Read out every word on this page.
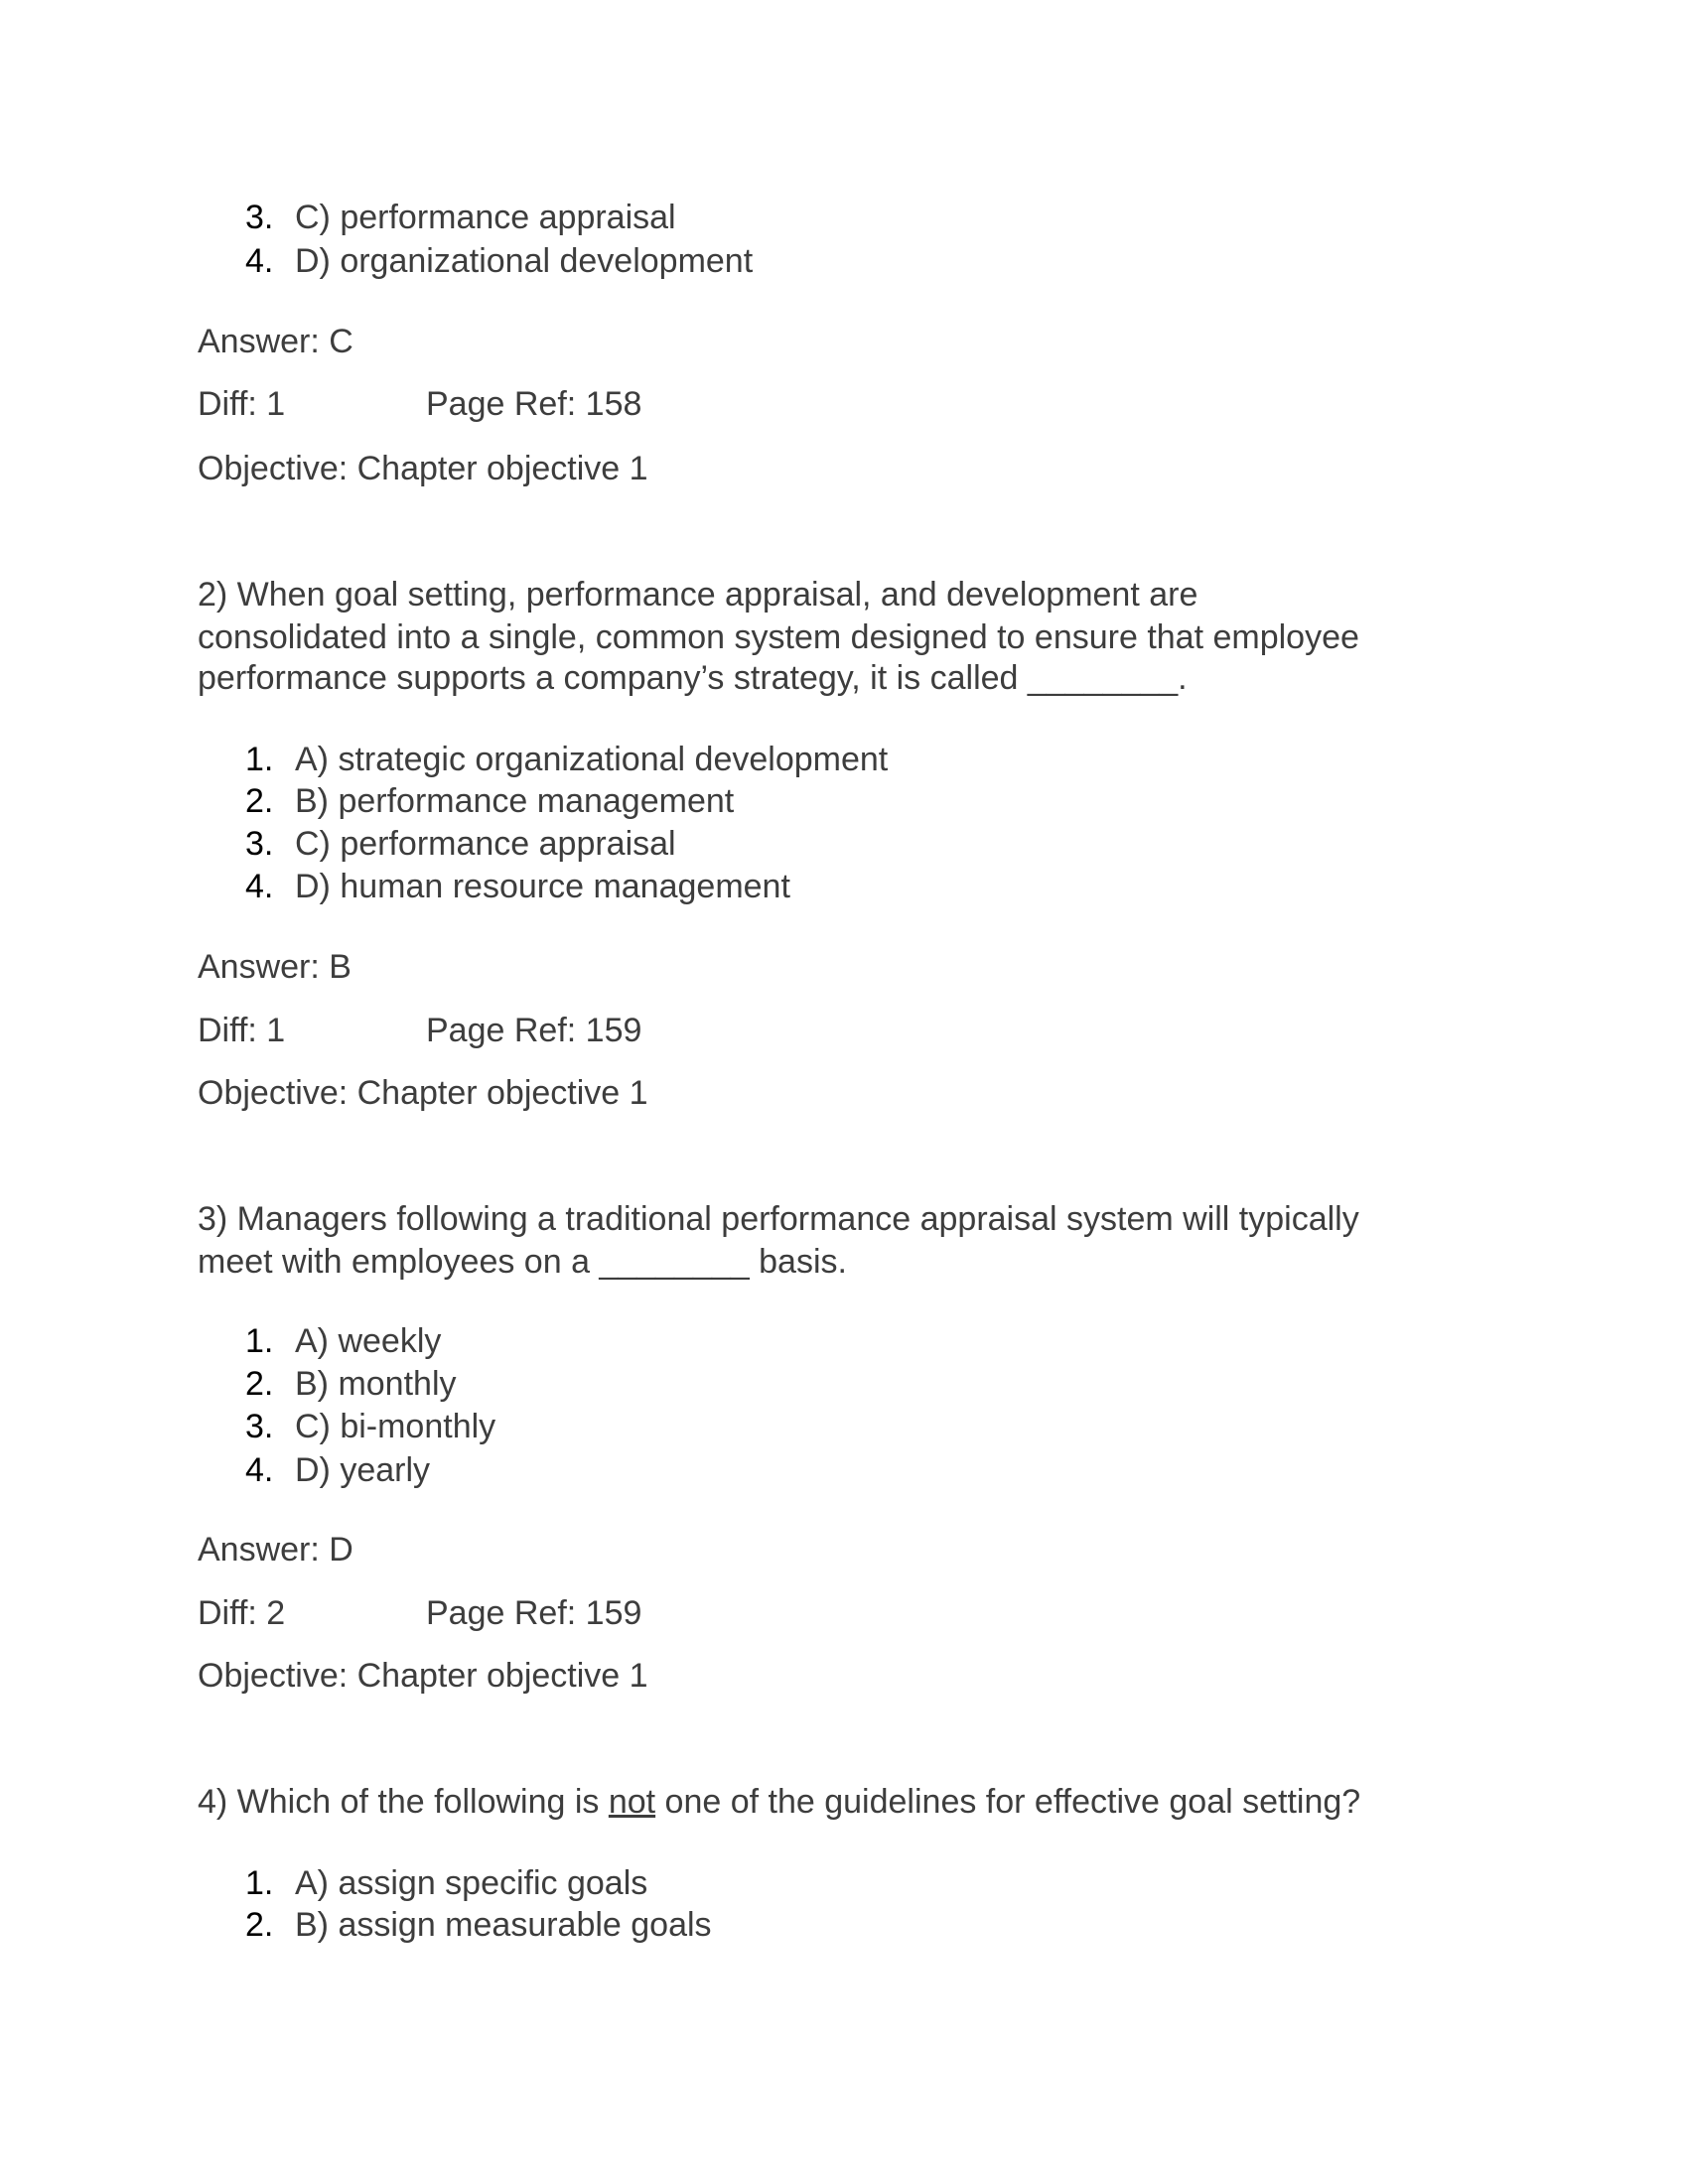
3. C) performance appraisal
4. D) organizational development
Answer: C
Diff: 1	Page Ref: 158
Objective: Chapter objective 1
2) When goal setting, performance appraisal, and development are
consolidated into a single, common system designed to ensure that employee
performance supports a company’s strategy, it is called ________.
1. A) strategic organizational development
2. B) performance management
3. C) performance appraisal
4. D) human resource management
Answer: B
Diff: 1	Page Ref: 159
Objective: Chapter objective 1
3) Managers following a traditional performance appraisal system will typically
meet with employees on a ________ basis.
1. A) weekly
2. B) monthly
3. C) bi-monthly
4. D) yearly
Answer: D
Diff: 2	Page Ref: 159
Objective: Chapter objective 1
4) Which of the following is not one of the guidelines for effective goal setting?
1. A) assign specific goals
2. B) assign measurable goals
